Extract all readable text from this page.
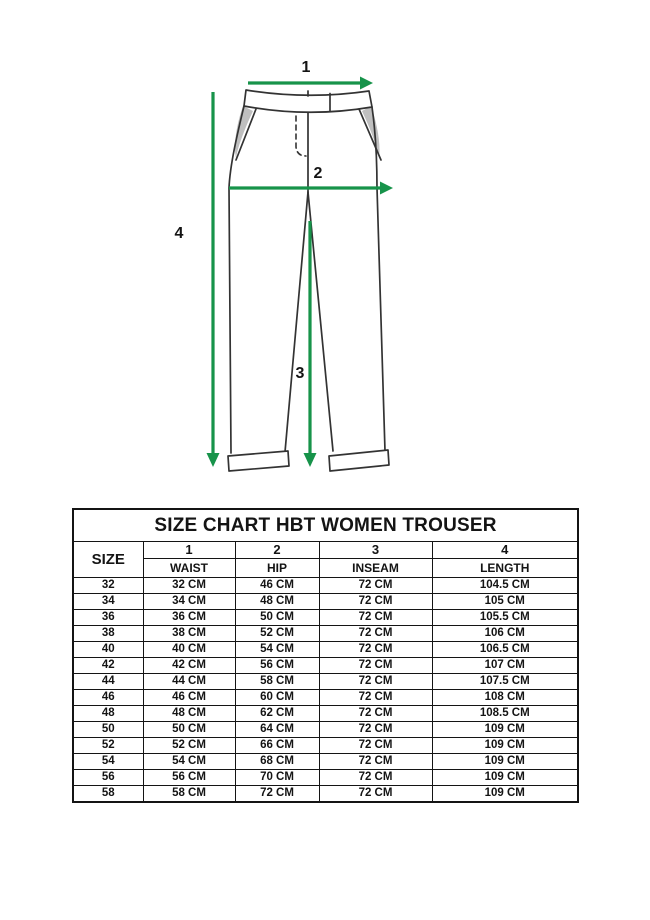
1
2
3
4
SIZE CHART HBT WOMEN TROUSER				
SIZE	1	2	3	4
	WAIST	HIP	INSEAM	LENGTH
32	32 CM	46 CM	72 CM	104.5 CM
34	34 CM	48 CM	72 CM	105 CM
36	36 CM	50 CM	72 CM	105.5 CM
38	38 CM	52 CM	72 CM	106 CM
40	40 CM	54 CM	72 CM	106.5 CM
42	42 CM	56 CM	72 CM	107 CM
44	44 CM	58 CM	72 CM	107.5 CM
46	46 CM	60 CM	72 CM	108 CM
48	48 CM	62 CM	72 CM	108.5 CM
50	50 CM	64 CM	72 CM	109 CM
52	52 CM	66 CM	72 CM	109 CM
54	54 CM	68 CM	72 CM	109 CM
56	56 CM	70 CM	72 CM	109 CM
58	58 CM	72 CM	72 CM	109 CM
